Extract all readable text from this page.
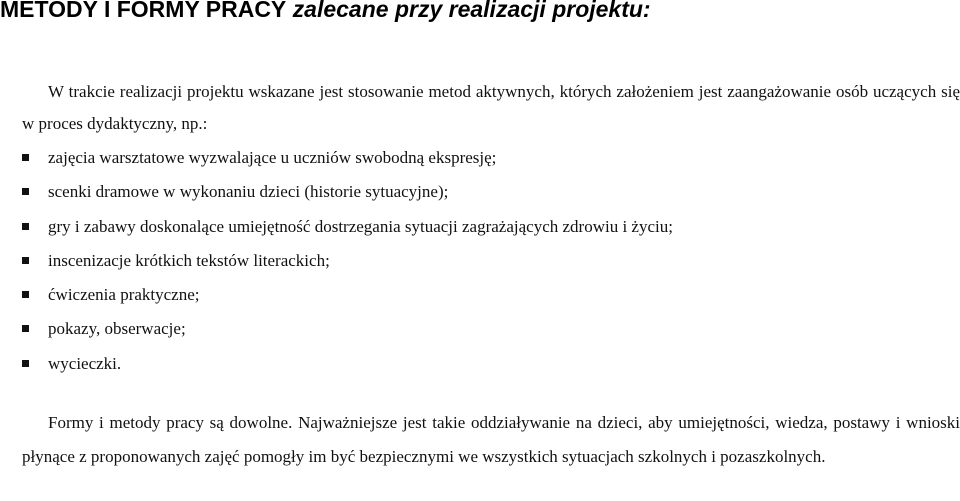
METODY I FORMY PRACY zalecane przy realizacji projektu:

W trakcie realizacji projektu wskazane jest stosowanie metod aktywnych, których założeniem jest zaangażowanie osób uczących się w proces dydaktyczny, np.:

zajęcia warsztatowe wyzwalające u uczniów swobodną ekspresję;
scenki dramowe w wykonaniu dzieci (historie sytuacyjne);
gry i zabawy doskonalące umiejętność dostrzegania sytuacji zagrażających zdrowiu i życiu;
inscenizacje krótkich tekstów literackich;
ćwiczenia praktyczne;
pokazy, obserwacje;
wycieczki.

Formy i metody pracy są dowolne. Najważniejsze jest takie oddziaływanie na dzieci, aby umiejętności, wiedza, postawy i wnioski płynące z proponowanych zajęć pomogły im być bezpiecznymi we wszystkich sytuacjach szkolnych i pozaszkolnych.
